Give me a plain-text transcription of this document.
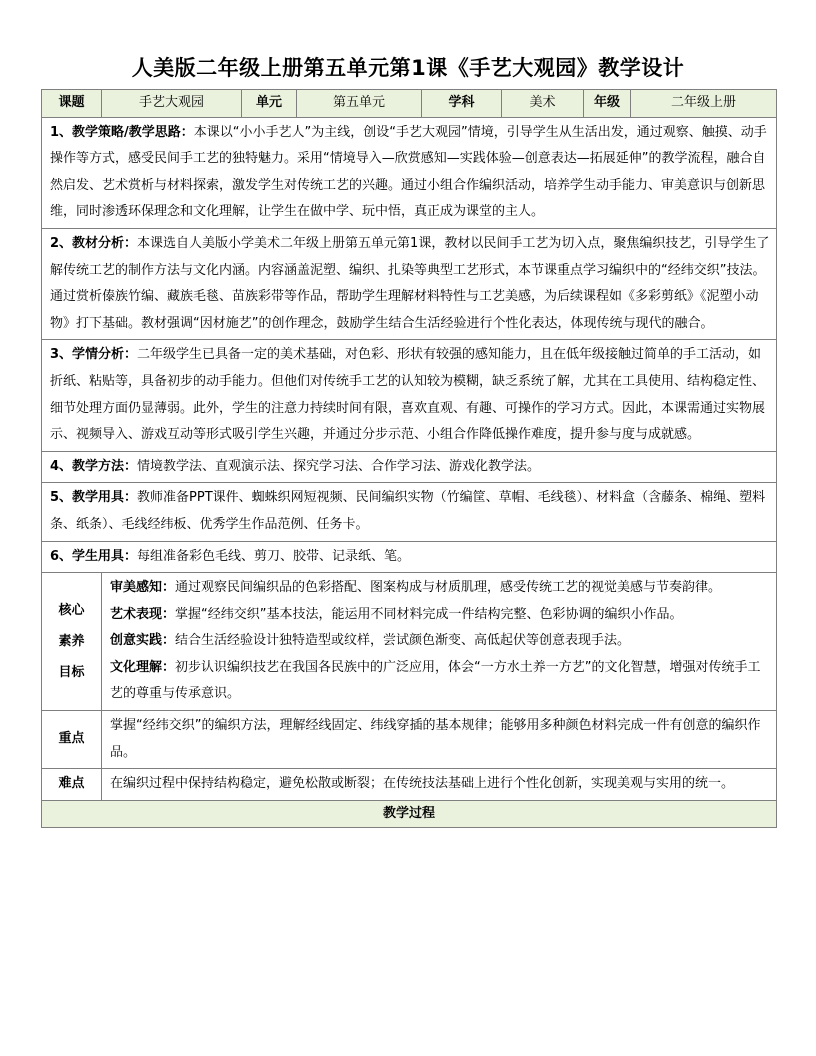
人美版二年级上册第五单元第1课《手艺大观园》教学设计
课题	手艺大观园	单元	第五单元	学科	美术	年级	二年级上册
1、教学策略/教学思路：本课以“小小手艺人”为主线，创设“手艺大观园”情境，引导学生从生活出发，通过观察、触摸、动手操作等方式，感受民间手工艺的独特魅力。采用“情境导入—欣赏感知—实践体验—创意表达—拓展延伸”的教学流程，融合自然启发、艺术赏析与材料探索，激发学生对传统工艺的兴趣。通过小组合作编织活动，培养学生动手能力、审美意识与创新思维，同时渗透环保理念和文化理解，让学生在做中学、玩中悟，真正成为课堂的主人。							
2、教材分析：本课选自人美版小学美术二年级上册第五单元第1课，教材以民间手工艺为切入点，聚焦编织技艺，引导学生了解传统工艺的制作方法与文化内涵。内容涵盖泥塑、编织、扎染等典型工艺形式，本节课重点学习编织中的“经纬交织”技法。通过赏析傣族竹编、藏族毛毯、苗族彩带等作品，帮助学生理解材料特性与工艺美感，为后续课程如《多彩剪纸》《泥塑小动物》打下基础。教材强调“因材施艺”的创作理念，鼓励学生结合生活经验进行个性化表达，体现传统与现代的融合。							
3、学情分析：二年级学生已具备一定的美术基础，对色彩、形状有较强的感知能力，且在低年级接触过简单的手工活动，如折纸、粘贴等，具备初步的动手能力。但他们对传统手工艺的认知较为模糊，缺乏系统了解，尤其在工具使用、结构稳定性、细节处理方面仍显薄弱。此外，学生的注意力持续时间有限，喜欢直观、有趣、可操作的学习方式。因此，本课需通过实物展示、视频导入、游戏互动等形式吸引学生兴趣，并通过分步示范、小组合作降低操作难度，提升参与度与成就感。							
4、教学方法：情境教学法、直观演示法、探究学习法、合作学习法、游戏化教学法。							
5、教学用具：教师准备PPT课件、蜘蛛织网短视频、民间编织实物（竹编筐、草帽、毛线毯）、材料盒（含藤条、棉绳、塑料条、纸条）、毛线经纬板、优秀学生作品范例、任务卡。							
6、学生用具：每组准备彩色毛线、剪刀、胶带、记录纸、笔。							

核心
素养
目标	审美感知：通过观察民间编织品的色彩搭配、图案构成与材质肌理，感受传统工艺的视觉美感与节奏韵律。
艺术表现：掌握“经纬交织”基本技法，能运用不同材料完成一件结构完整、色彩协调的编织小作品。
创意实践：结合生活经验设计独特造型或纹样，尝试颜色渐变、高低起伏等创意表现手法。
文化理解：初步认识编织技艺在我国各民族中的广泛应用，体会“一方水土养一方艺”的文化智慧，增强对传统手工艺的尊重与传承意识。						

重点	掌握“经纬交织”的编织方法，理解经线固定、纬线穿插的基本规律；能够用多种颜色材料完成一件有创意的编织作品。						
难点	在编织过程中保持结构稳定，避免松散或断裂；在传统技法基础上进行个性化创新，实现美观与实用的统一。						
教学过程							
